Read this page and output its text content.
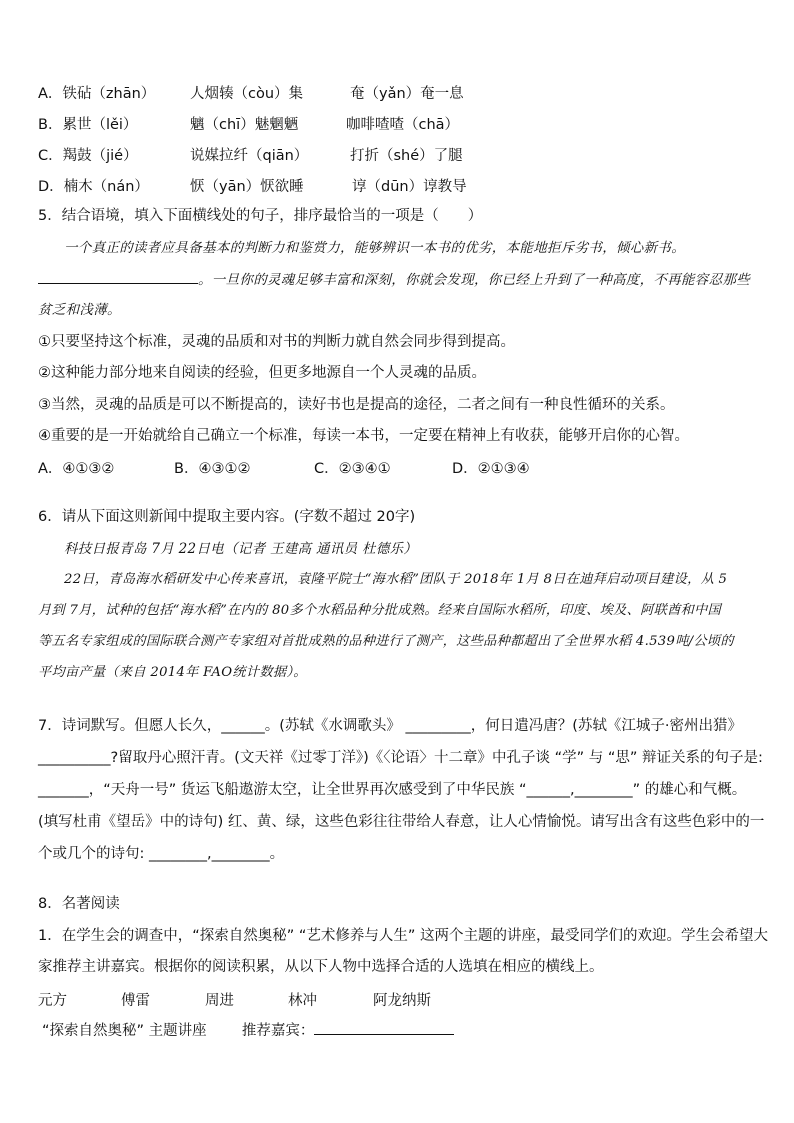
A．铁砧（zhān） 人烟辏（còu）集	奄（yǎn）奄一息
B．累世（lěi）	魑（chī）魅魍魉	咖啡喳喳（chā）
C．羯鼓（jié）	说媒拉纤（qiān）	打折（shé）了腿
D．楠木（nán）	恹（yān）恹欲睡	谆（dūn）谆教导
5．结合语境，填入下面横线处的句子，排序最恰当的一项是（　　）
一个真正的读者应具备基本的判断力和鉴赏力，能够辨识一本书的优劣，本能地拒斥劣书，倾心新书。
。一旦你的灵魂足够丰富和深刻，你就会发现，你已经上升到了一种高度，不再能容忍那些
贫乏和浅薄。
①只要坚持这个标准，灵魂的品质和对书的判断力就自然会同步得到提高。
②这种能力部分地来自阅读的经验，但更多地源自一个人灵魂的品质。
③当然，灵魂的品质是可以不断提高的，读好书也是提高的途径，二者之间有一种良性循环的关系。
④重要的是一开始就给自己确立一个标准，每读一本书，一定要在精神上有收获，能够开启你的心智。
A．④①③②	B．④③①②	C．②③④①	D．②①③④
6．请从下面这则新闻中提取主要内容。(字数不超过 20字)
科技日报青岛 7月 22日电（记者 王建高 通讯员 杜德乐）
22日，青岛海水稻研发中心传来喜讯，袁隆平院士“海水稻”团队于 2018年 1月 8日在迪拜启动项目建设，从 5
月到 7月，试种的包括“海水稻”在内的 80多个水稻品种分批成熟。经来自国际水稻所，印度、埃及、阿联酋和中国
等五名专家组成的国际联合测产专家组对首批成熟的品种进行了测产，这些品种都超出了全世界水稻 4.539吨/公顷的
平均亩产量（来自 2014年 FAO统计数据）。
7．诗词默写。但愿人长久，______。(苏轼《水调歌头》 _________，何日遣冯唐？(苏轼《江城子·密州出猎》
__________?留取丹心照汗青。(文天祥《过零丁洋》)《〈论语〉十二章》中孔子谈 “学” 与 “思” 辩证关系的句子是:
_______，“天舟一号” 货运飞船遨游太空，让全世界再次感受到了中华民族 “______,________” 的雄心和气概。
(填写杜甫《望岳》中的诗句) 红、黄、绿，这些色彩往往带给人春意，让人心情愉悦。请写出含有这些色彩中的一
个或几个的诗句: ________,________。
8．名著阅读
1．在学生会的调查中，“探索自然奥秘” “艺术修养与人生” 这两个主题的讲座，最受同学们的欢迎。学生会希望大
家推荐主讲嘉宾。根据你的阅读积累，从以下人物中选择合适的人选填在相应的横线上。
元方	傅雷	周进	林冲	阿龙纳斯
“探索自然奥秘” 主题讲座 推荐嘉宾：
